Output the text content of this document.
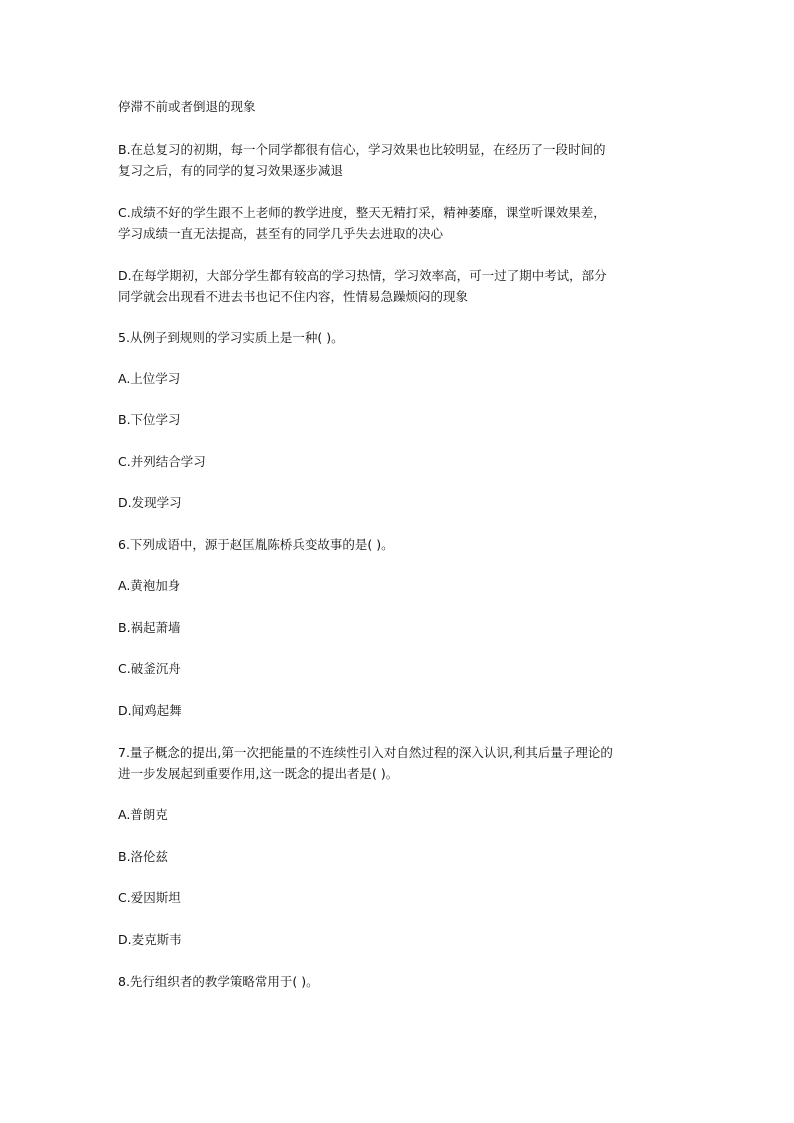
停滞不前或者倒退的现象

B.在总复习的初期，每一个同学都很有信心，学习效果也比较明显，在经历了一段时间的
复习之后，有的同学的复习效果逐步减退

C.成绩不好的学生跟不上老师的教学进度，整天无精打采，精神萎靡，课堂听课效果差，
学习成绩一直无法提高，甚至有的同学几乎失去进取的决心

D.在每学期初，大部分学生都有较高的学习热情，学习效率高，可一过了期中考试，部分
同学就会出现看不进去书也记不住内容，性情易急躁烦闷的现象

5.从例子到规则的学习实质上是一种( )。

A.上位学习

B.下位学习

C.并列结合学习

D.发现学习

6.下列成语中，源于赵匡胤陈桥兵变故事的是( )。

A.黄袍加身

B.祸起萧墙

C.破釜沉舟

D.闻鸡起舞

7.量子概念的提出,第一次把能量的不连续性引入对自然过程的深入认识,利其后量子理论的
进一步发展起到重要作用,这一既念的提出者是( )。

A.普朗克

B.洛伦兹

C.爱因斯坦

D.麦克斯韦

8.先行组织者的教学策略常用于( )。
